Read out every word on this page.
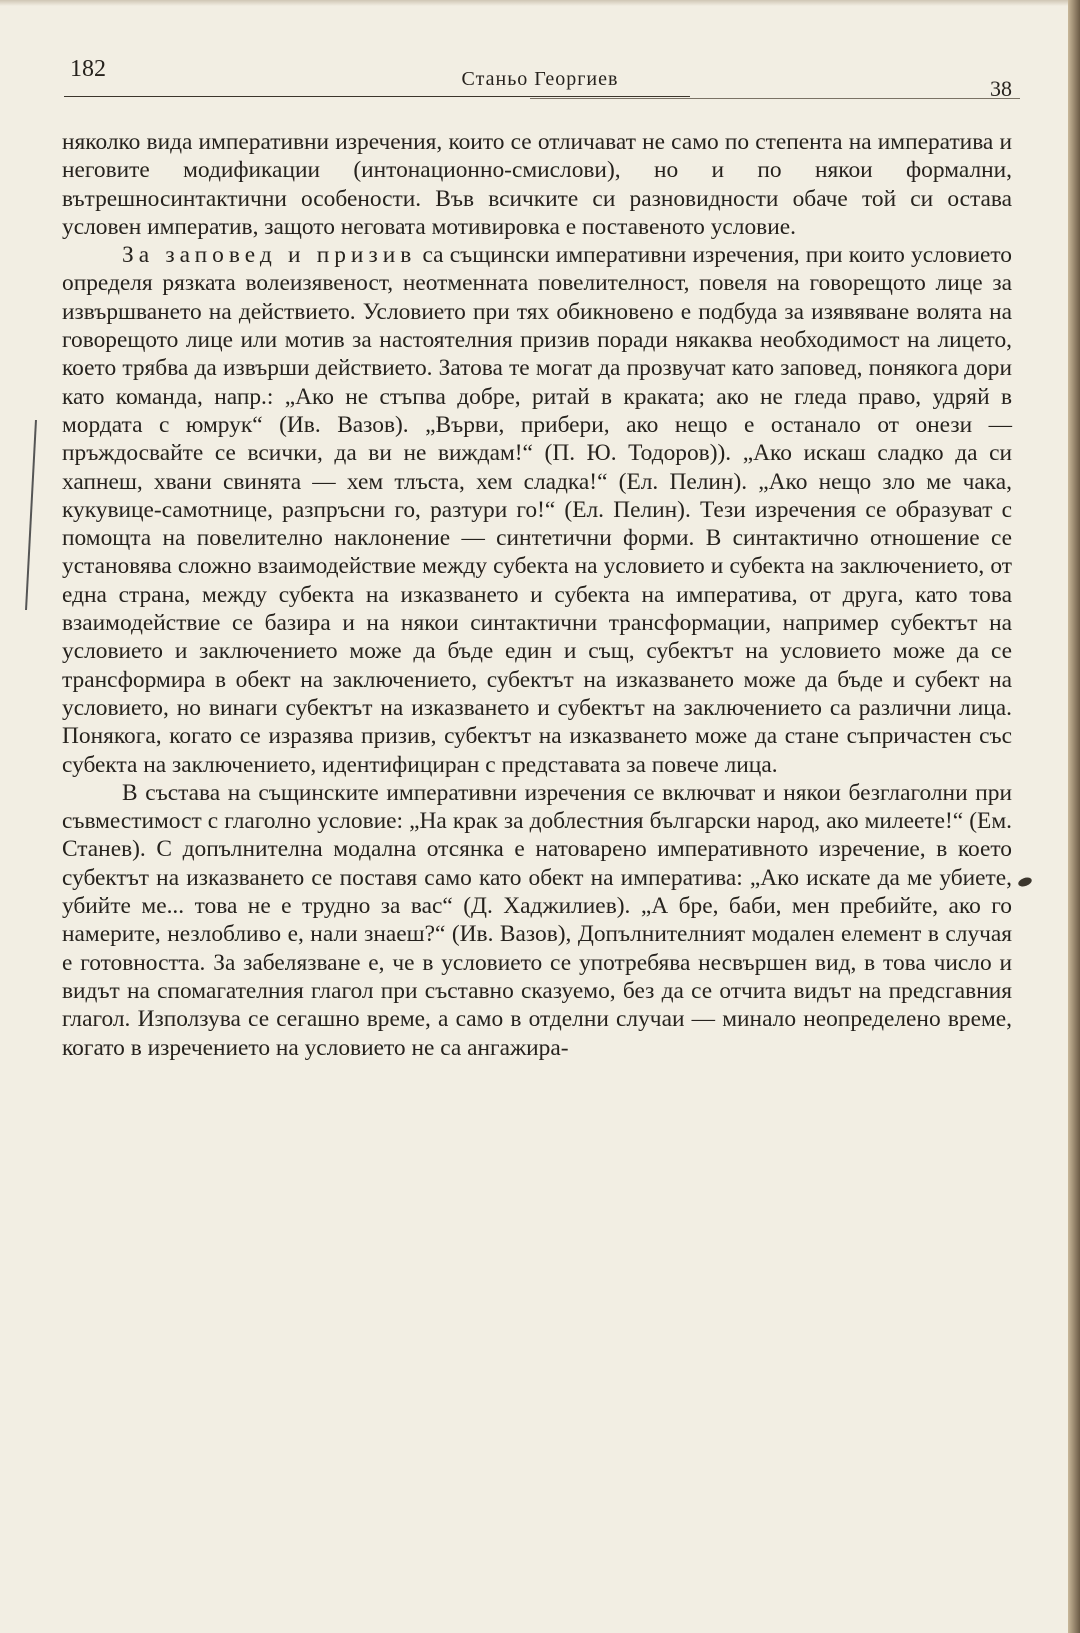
182	Станьо Георгиев	38

няколко вида императивни изречения, които се отличават не само по степента на императива и неговите модификации (интонационно-смислови), но и по някои формални, вътрешносинтактични особености. Във всичките си разновидности обаче той си остава условен императив, защото неговата мотивировка е поставеното условие.

За заповед и призив са същински императивни изречения, при които условието определя рязката волеизявеност, неотменната повелителност, повеля на говорещото лице за извършването на действието. Условието при тях обикновено е подбуда за изявяване волята на говорещото лице или мотив за настоятелния призив поради някаква необходимост на лицето, което трябва да извърши действието. Затова те могат да прозвучат като заповед, понякога дори като команда, напр.: „Ако не стъпва добре, ритай в краката; ако не гледа право, удряй в мордата с юмрук“ (Ив. Вазов). „Върви, прибери, ако нещо е останало от онези — пръждосвайте се всички, да ви не виждам!“ (П. Ю. Тодоров)). „Ако искаш сладко да си хапнеш, хвани свинята — хем тлъста, хем сладка!“ (Ел. Пелин). „Ако нещо зло ме чака, кукувице-самотнице, разпръсни го, разтури го!“ (Ел. Пелин). Тези изречения се образуват с помощта на повелително наклонение — синтетични форми. В синтактично отношение се установява сложно взаимодействие между субекта на условието и субекта на заключението, от една страна, между субекта на изказването и субекта на императива, от друга, като това взаимодействие се базира и на някои синтактични трансформации, например субектът на условието и заключението може да бъде един и същ, субектът на условието може да се трансформира в обект на заключението, субектът на изказването може да бъде и субект на условието, но винаги субектът на изказването и субектът на заключението са различни лица. Понякога, когато се изразява призив, субектът на изказването може да стане съпричастен със субекта на заключението, идентифициран с представата за повече лица.

В състава на същинските императивни изречения се включват и някои безглаголни при съвместимост с глаголно условие: „На крак за доблестния български народ, ако милеете!“ (Ем. Станев). С допълнителна модална отсянка е натоварено императивното изречение, в което субектът на изказването се поставя само като обект на императива: „Ако искате да ме убиете, убийте ме... това не е трудно за вас“ (Д. Хаджилиев). „А бре, баби, мен пребийте, ако го намерите, незлобливо е, нали знаеш?“ (Ив. Вазов), Допълнителният модален елемент в случая е готовността. За забелязване е, че в условието се употребява несвършен вид, в това число и видът на спомагателния глагол при съставно сказуемо, без да се отчита видът на предсгавния глагол. Използува се сегашно време, а само в отделни случаи — минало неопределено време, когато в изречението на условието не са ангажира-
